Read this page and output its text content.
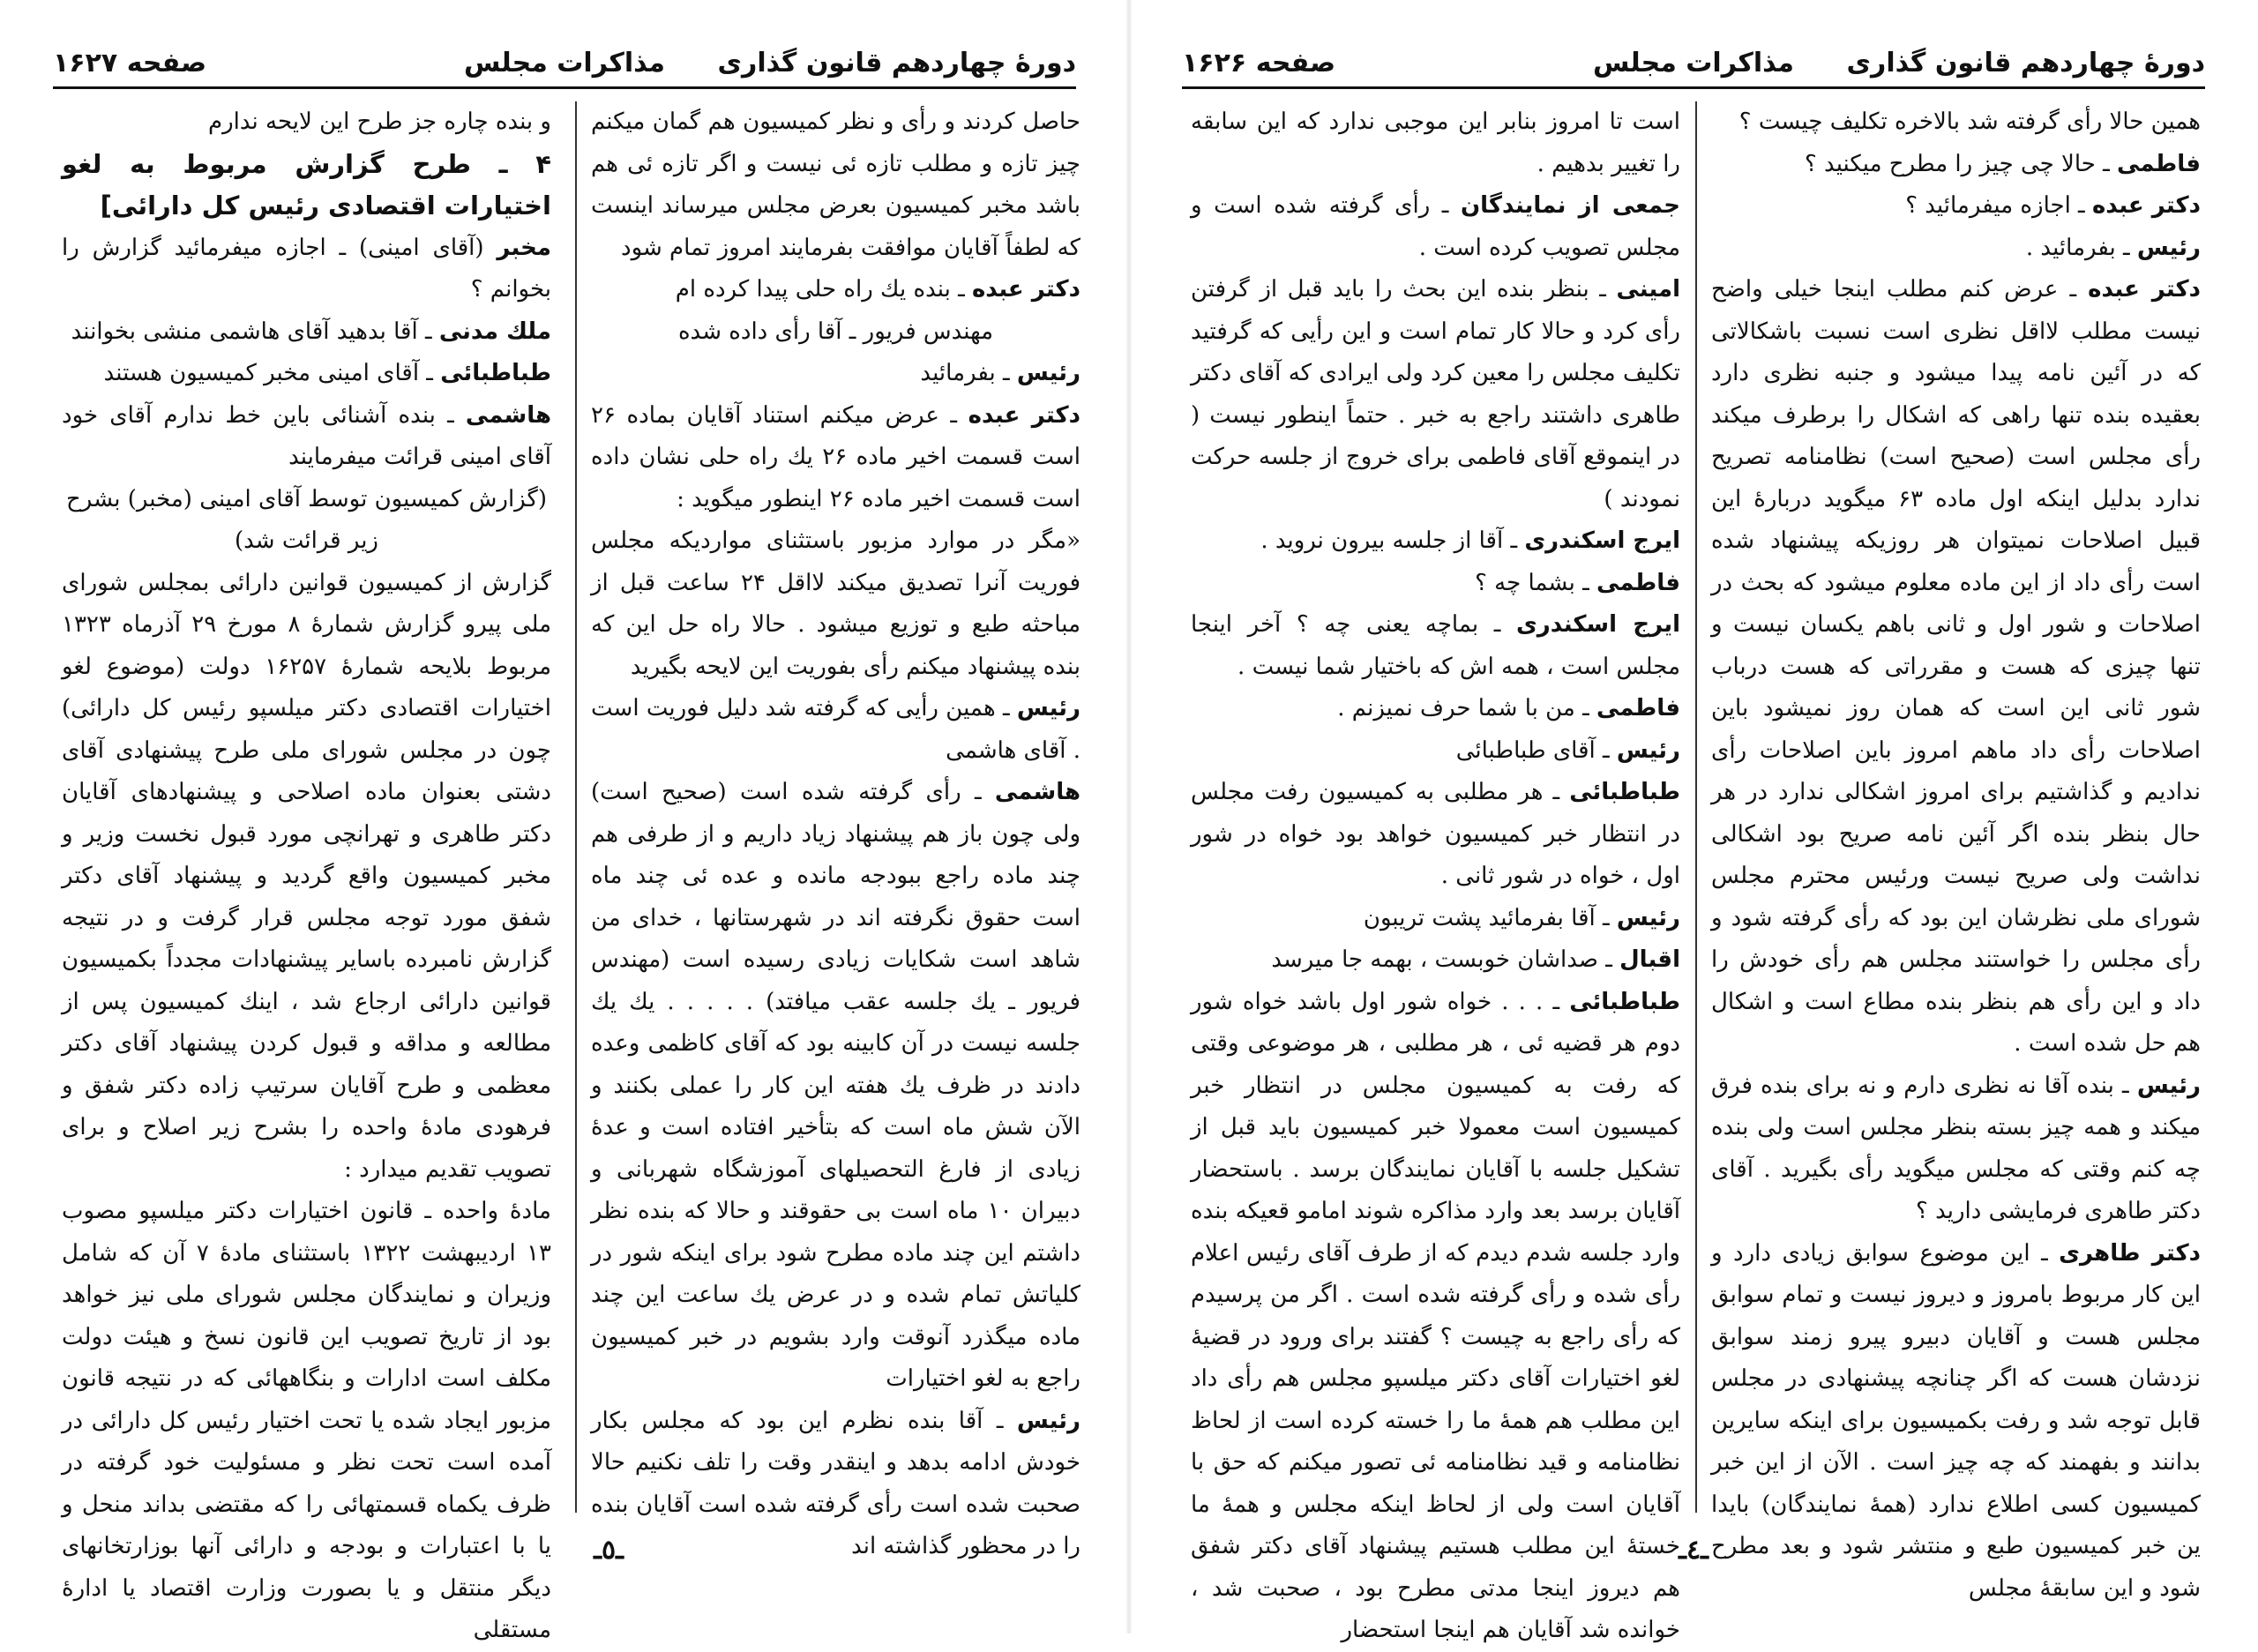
دورهٔ چهاردهم قانون گذاری
مذاکرات مجلس
صفحه ۱۶۲۷

حاصل کردند و رأی و نظر کمیسیون هم گمان میکنم چیز تازه و مطلب تازه ئی نیست و اگر تازه ئی هم باشد مخبر کمیسیون بعرض مجلس میرساند اینست که لطفاً آقایان موافقت بفرمایند امروز تمام شود

دکتر عبده ـ بنده یك راه حلی پیدا کرده ام

مهندس فریور ـ آقا رأی داده شده

رئیس ـ بفرمائید

دکتر عبده ـ عرض میکنم استناد آقایان بماده ۲۶ است قسمت اخیر ماده ۲۶ یك راه حلی نشان داده است قسمت اخیر ماده ۲۶ اینطور میگوید :

«مگر در موارد مزبور باستثنای مواردیکه مجلس فوریت آنرا تصدیق میکند لااقل ۲۴ ساعت قبل از مباحثه طبع و توزیع میشود . حالا راه حل این که بنده پیشنهاد میکنم رأی بفوریت این لایحه بگیرید

رئیس ـ همین رأیی که گرفته شد دلیل فوریت است . آقای هاشمی

هاشمی ـ رأی گرفته شده است (صحیح است) ولی چون باز هم پیشنهاد زیاد داریم و از طرفی هم چند ماده راجع ببودجه مانده و عده ئی چند ماه است حقوق نگرفته اند در شهرستانها ، خدای من شاهد است شکایات زیادی رسیده است (مهندس فریور ـ یك جلسه عقب میافتد) . . . . . یك یك جلسه نیست در آن کابینه بود که آقای کاظمی وعده دادند در ظرف یك هفته این کار را عملی بکنند و الآن شش ماه است که بتأخیر افتاده است و عدهٔ زیادی از فارغ التحصیلهای آموزشگاه شهربانی و دبیران ۱۰ ماه است بی حقوقند و حالا که بنده نظر داشتم این چند ماده مطرح شود برای اینکه شور در کلیاتش تمام شده و در عرض یك ساعت این چند ماده میگذرد آنوقت وارد بشویم در خبر کمیسیون راجع به لغو اختیارات

رئیس ـ آقا بنده نظرم این بود که مجلس بکار خودش ادامه بدهد و اینقدر وقت را تلف نکنیم حالا صحبت شده است رأی گرفته شده است آقایان بنده را در محظور گذاشته اند

و بنده چاره جز طرح این لایحه ندارم

۴ ـ طرح گزارش مربوط به لغو اختیارات اقتصادی رئیس کل دارائی]

مخبر (آقای امینی) ـ اجازه میفرمائید گزارش را بخوانم ؟

ملك مدنی ـ آقا بدهید آقای هاشمی منشی بخوانند

طباطبائی ـ آقای امینی مخبر کمیسیون هستند

هاشمی ـ بنده آشنائی باین خط ندارم آقای خود آقای امینی قرائت میفرمایند

(گزارش کمیسیون توسط آقای امینی (مخبر) بشرح زیر قرائت شد)

گزارش از کمیسیون قوانین دارائی بمجلس شورای ملی پیرو گزارش شمارهٔ ۸ مورخ ۲۹ آذرماه ۱۳۲۳ مربوط بلایحه شمارهٔ ۱۶۲۵۷ دولت (موضوع لغو اختیارات اقتصادی دکتر میلسپو رئیس کل دارائی) چون در مجلس شورای ملی طرح پیشنهادی آقای دشتی بعنوان ماده اصلاحی و پیشنهادهای آقایان دکتر طاهری و تهرانچی مورد قبول نخست وزیر و مخبر کمیسیون واقع گردید و پیشنهاد آقای دکتر شفق مورد توجه مجلس قرار گرفت و در نتیجه گزارش نامبرده باسایر پیشنهادات مجدداً بکمیسیون قوانین دارائی ارجاع شد ، اینك کمیسیون پس از مطالعه و مداقه و قبول کردن پیشنهاد آقای دکتر معظمی و طرح آقایان سرتیپ زاده دکتر شفق و فرهودی مادهٔ واحده را بشرح زیر اصلاح و برای تصویب تقدیم میدارد :

مادهٔ واحده ـ قانون اختیارات دکتر میلسپو مصوب ۱۳ اردیبهشت ۱۳۲۲ باستثنای مادهٔ ۷ آن که شامل وزیران و نمایندگان مجلس شورای ملی نیز خواهد بود از تاریخ تصویب این قانون نسخ و هیئت دولت مکلف است ادارات و بنگاههائی که در نتیجه قانون مزبور ایجاد شده یا تحت اختیار رئیس کل دارائی در آمده است تحت نظر و مسئولیت خود گرفته در ظرف یکماه قسمتهائی را که مقتضی بداند منحل و یا با اعتبارات و بودجه و دارائی آنها بوزارتخانهای دیگر منتقل و یا بصورت وزارت اقتصاد یا ادارهٔ مستقلی

ـ٥ـ
دورهٔ چهاردهم قانون گذاری
مذاکرات مجلس
صفحه ۱۶۲۶

همین حالا رأی گرفته شد بالاخره تکلیف چیست ؟

فاطمی ـ حالا چی چیز را مطرح میکنید ؟

دکتر عبده ـ اجازه میفرمائید ؟

رئیس ـ بفرمائید .

دکتر عبده ـ عرض کنم مطلب اینجا خیلی واضح نیست مطلب لااقل نظری است نسبت باشکالاتی که در آئین نامه پیدا میشود و جنبه نظری دارد بعقیده بنده تنها راهی که اشکال را برطرف میکند رأی مجلس است (صحیح است) نظامنامه تصریح ندارد بدلیل اینکه اول ماده ۶۳ میگوید دربارهٔ این قبیل اصلاحات نمیتوان هر روزیکه پیشنهاد شده است رأی داد از این ماده معلوم میشود که بحث در اصلاحات و شور اول و ثانی باهم یکسان نیست و تنها چیزی که هست و مقرراتی که هست درباب شور ثانی این است که همان روز نمیشود باین اصلاحات رأی داد ماهم امروز باین اصلاحات رأی ندادیم و گذاشتیم برای امروز اشکالی ندارد در هر حال بنظر بنده اگر آئین نامه صریح بود اشکالی نداشت ولی صریح نیست ورئیس محترم مجلس شورای ملی نظرشان این بود که رأی گرفته شود و رأی مجلس را خواستند مجلس هم رأی خودش را داد و این رأی هم بنظر بنده مطاع است و اشکال هم حل شده است .

رئیس ـ بنده آقا نه نظری دارم و نه برای بنده فرق میکند و همه چیز بسته بنظر مجلس است ولی بنده چه کنم وقتی که مجلس میگوید رأی بگیرید . آقای دکتر طاهری فرمایشی دارید ؟

دکتر طاهری ـ این موضوع سوابق زیادی دارد و این کار مربوط بامروز و دیروز نیست و تمام سوابق مجلس هست و آقایان دبیرو پیرو زمند سوابق نزدشان هست که اگر چنانچه پیشنهادی در مجلس قابل توجه شد و رفت بکمیسیون برای اینکه سایرین بدانند و بفهمند که چه چیز است . الآن از این خبر کمیسیون کسی اطلاع ندارد (همهٔ نمایندگان) بایدا ین خبر کمیسیون طبع و منتشر شود و بعد مطرح شود و این سابقهٔ مجلس

است تا امروز بنابر این موجبی ندارد که این سابقه را تغییر بدهیم .

جمعی از نمایندگان ـ رأی گرفته شده است و مجلس تصویب کرده است .

امینی ـ بنظر بنده این بحث را باید قبل از گرفتن رأی کرد و حالا کار تمام است و این رأیی که گرفتید تکلیف مجلس را معین کرد ولی ایرادی که آقای دکتر طاهری داشتند راجع به خبر . حتماً اینطور نیست ( در اینموقع آقای فاطمی برای خروج از جلسه حرکت نمودند )

ایرج اسکندری ـ آقا از جلسه بیرون نروید .

فاطمی ـ بشما چه ؟

ایرج اسکندری ـ بماچه یعنی چه ؟ آخر اینجا مجلس است ، همه اش که باختیار شما نیست .

فاطمی ـ من با شما حرف نمیزنم .

رئیس ـ آقای طباطبائی

طباطبائی ـ هر مطلبی به کمیسیون رفت مجلس در انتظار خبر کمیسیون خواهد بود خواه در شور اول ، خواه در شور ثانی .

رئیس ـ آقا بفرمائید پشت تریبون

اقبال ـ صداشان خوبست ، بهمه جا میرسد

طباطبائی ـ . . . خواه شور اول باشد خواه شور دوم هر قضیه ئی ، هر مطلبی ، هر موضوعی وقتی که رفت به کمیسیون مجلس در انتظار خبر کمیسیون است معمولا خبر کمیسیون باید قبل از تشکیل جلسه با آقایان نمایندگان برسد . باستحضار آقایان برسد بعد وارد مذاکره شوند امامو قعیکه بنده وارد جلسه شدم دیدم که از طرف آقای رئیس اعلام رأی شده و رأی گرفته شده است . اگر من پرسیدم که رأی راجع به چیست ؟ گفتند برای ورود در قضیهٔ لغو اختیارات آقای دکتر میلسپو مجلس هم رأی داد این مطلب هم همهٔ ما را خسته کرده است از لحاظ نظامنامه و قید نظامنامه ئی تصور میکنم که حق با آقایان است ولی از لحاظ اینکه مجلس و همهٔ ما خستهٔ این مطلب هستیم پیشنهاد آقای دکتر شفق هم دیروز اینجا مدتی مطرح بود ، صحبت شد ، خوانده شد آقایان هم اینجا استحضار

ـ٤ـ
